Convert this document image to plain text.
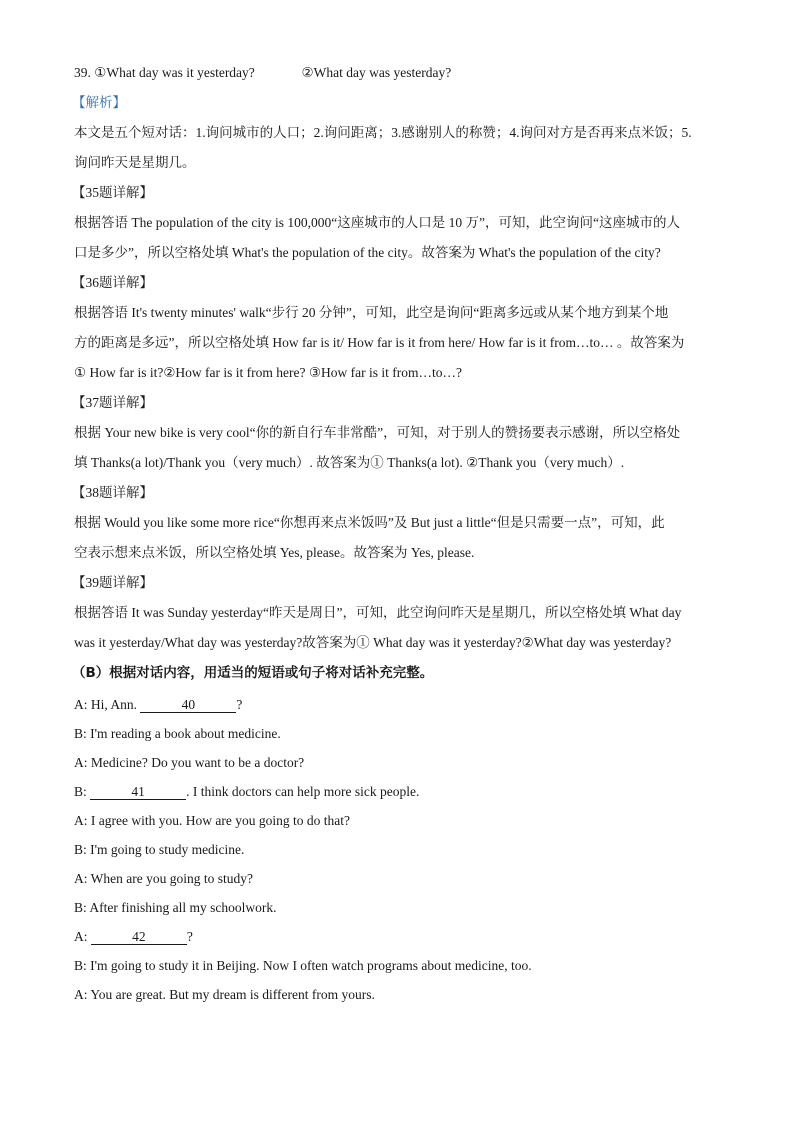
39. ①What day was it yesterday?	②What day was yesterday?
【解析】
本文是五个短对话：1.询问城市的人口；2.询问距离；3.感谢别人的称赞；4.询问对方是否再来点米饭；5.
询问昨天是星期几。
【35题详解】
根据答语 The population of the city is 100,000“这座城市的人口是 10 万”，可知，此空询问“这座城市的人
口是多少”，所以空格处填 What's the population of the city。故答案为 What's the population of the city?
【36题详解】
根据答语 It's twenty minutes' walk“步行 20 分钟”，可知，此空是询问“距离多远或从某个地方到某个地
方的距离是多远”，所以空格处填 How far is it/ How far is it from here/ How far is it from…to… 。故答案为
① How far is it?②How far is it from here? ③How far is it from…to…?
【37题详解】
根据 Your new bike is very cool“你的新自行车非常酷”，可知，对于别人的赞扬要表示感谢，所以空格处
填 Thanks(a lot)/Thank you（very much）. 故答案为① Thanks(a lot). ②Thank you（very much）.
【38题详解】
根据 Would you like some more rice“你想再来点米饭吗”及 But just a little“但是只需要一点”，可知，此
空表示想来点米饭，所以空格处填 Yes, please。故答案为 Yes, please.
【39题详解】
根据答语 It was Sunday yesterday“昨天是周日”，可知，此空询问昨天是星期几，所以空格处填 What day
was it yesterday/What day was yesterday?故答案为① What day was it yesterday?②What day was yesterday?
（B）根据对话内容，用适当的短语或句子将对话补充完整。
A: Hi, Ann.	40	?
B: I'm reading a book about medicine.
A: Medicine? Do you want to be a doctor?
B:	41	. I think doctors can help more sick people.
A: I agree with you. How are you going to do that?
B: I'm going to study medicine.
A: When are you going to study?
B: After finishing all my schoolwork.
A:	42	?
B: I'm going to study it in Beijing. Now I often watch programs about medicine, too.
A: You are great. But my dream is different from yours.
